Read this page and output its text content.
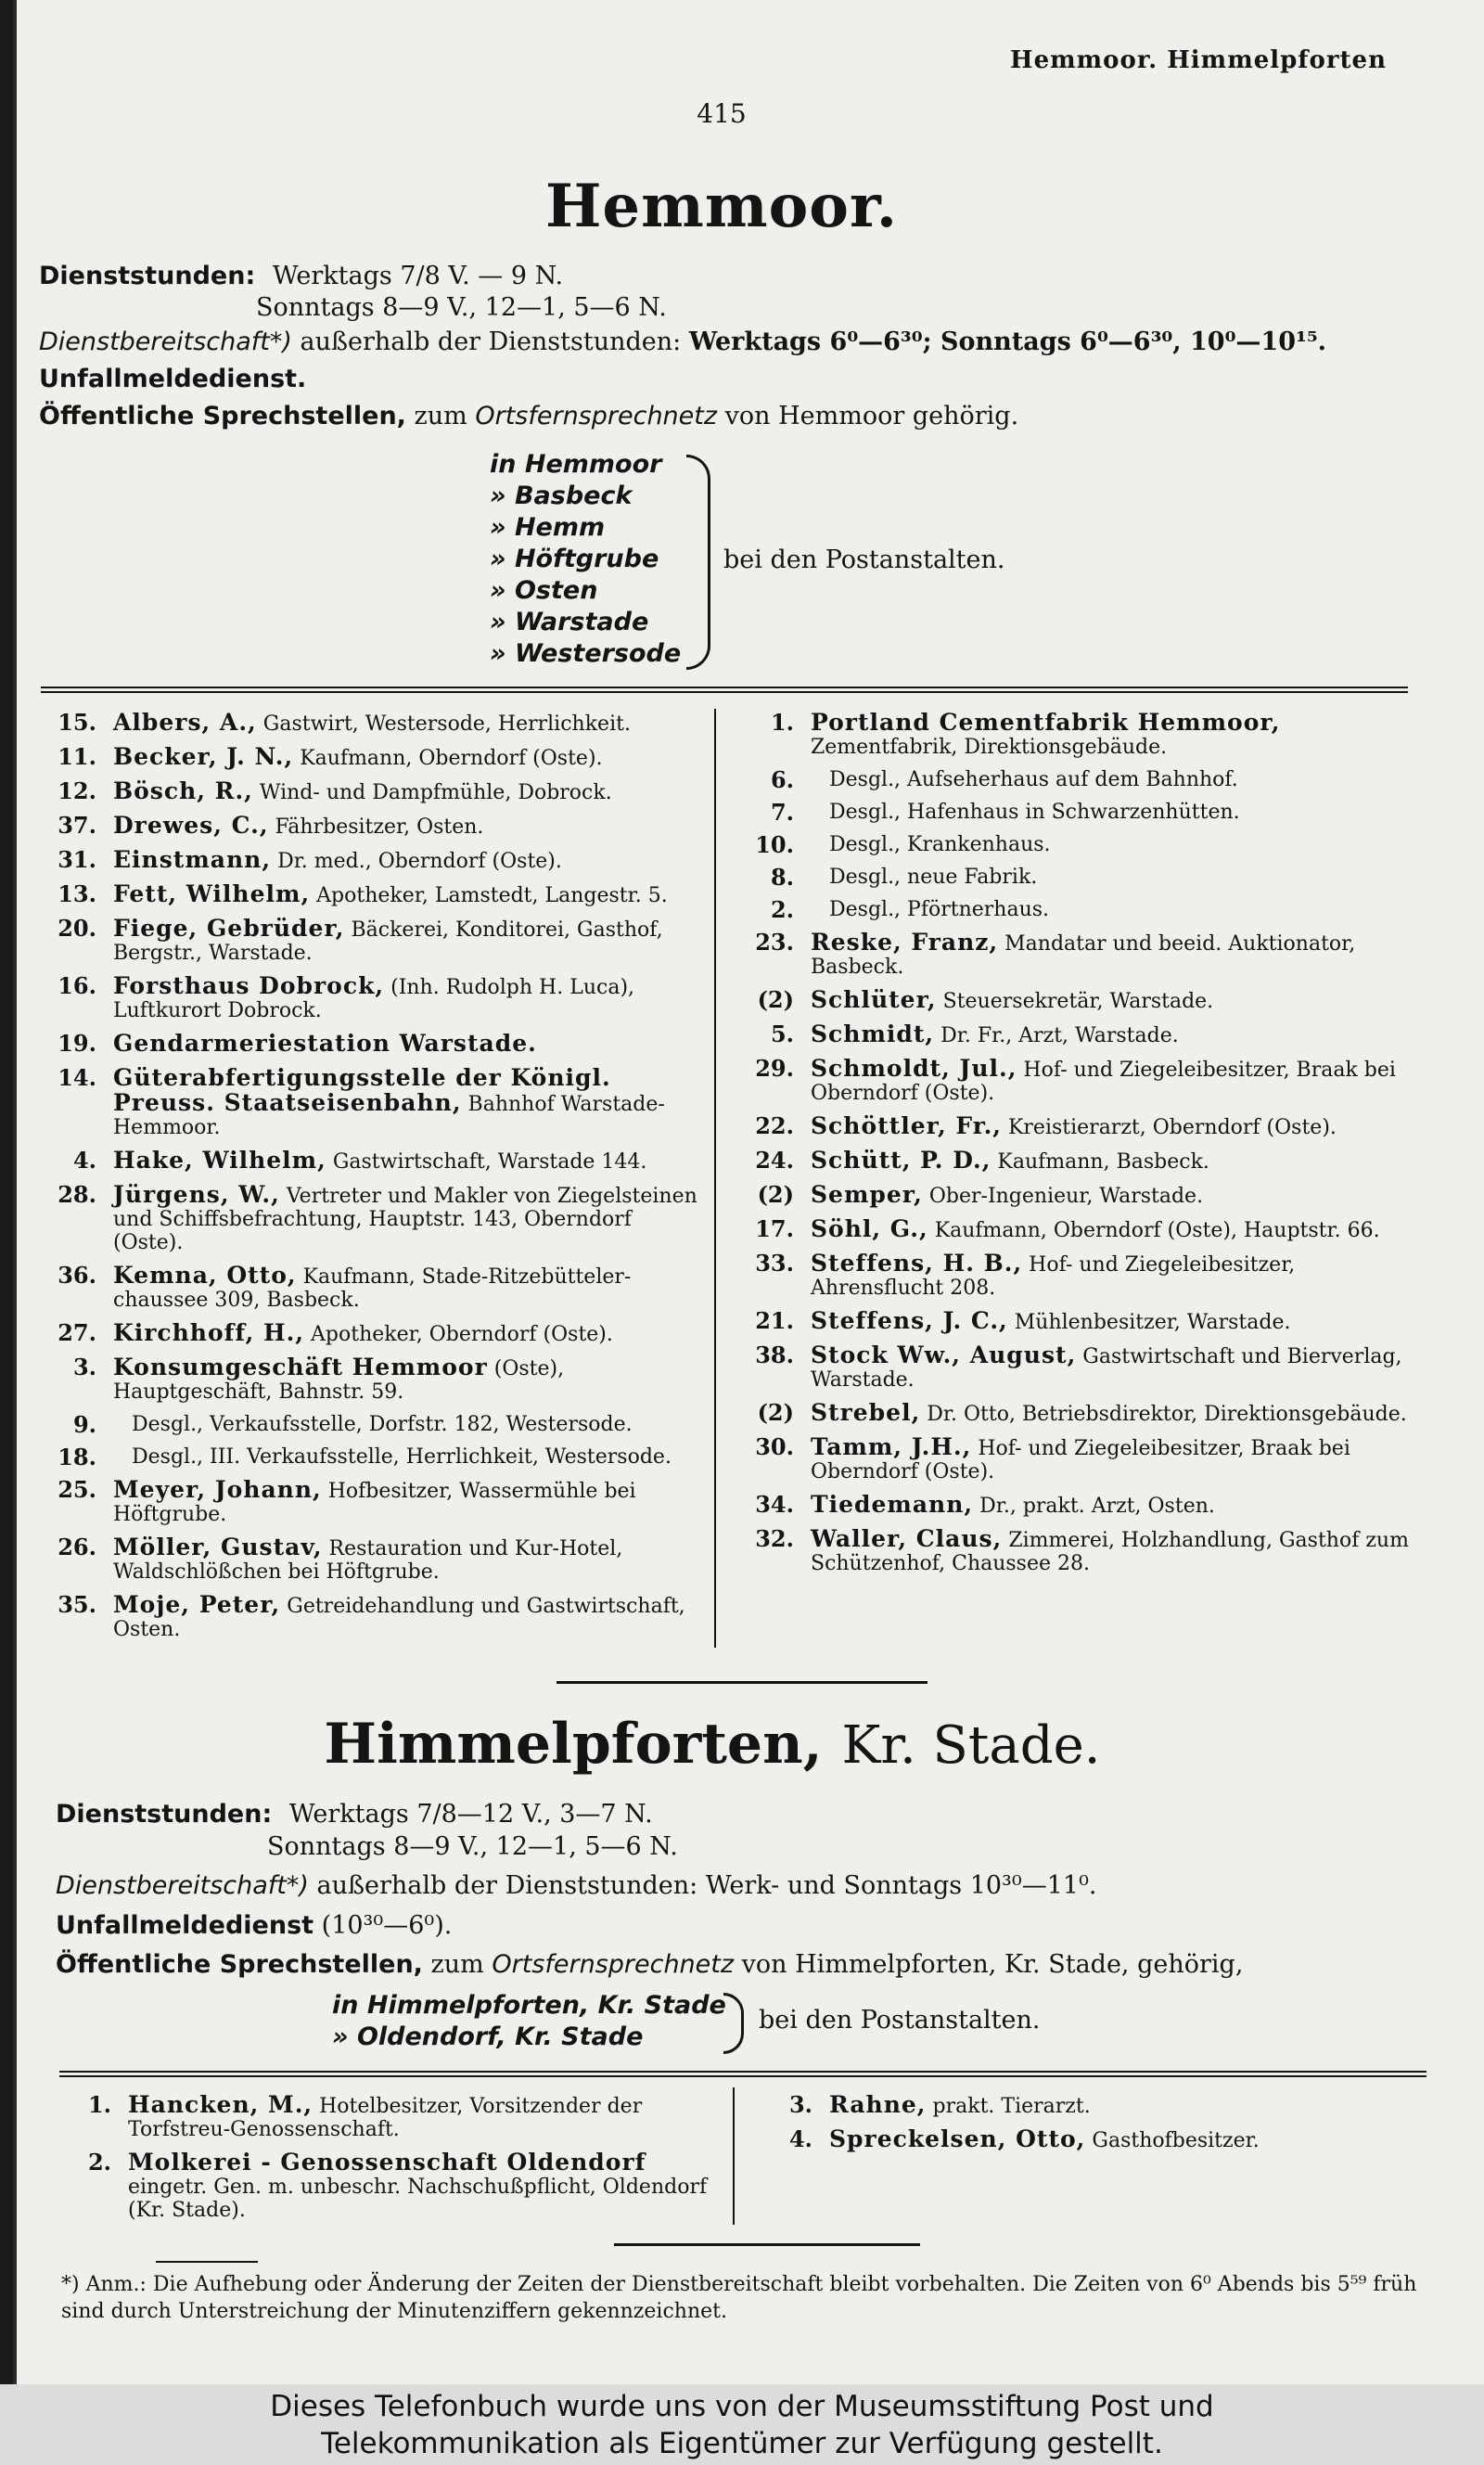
Hemmoor. Himmelpforten
415
Hemmoor.
Dienststunden: Werktags 7/8 V. — 9 N.
Sonntags 8—9 V., 12—1, 5—6 N.
Dienstbereitschaft*) außerhalb der Dienststunden: Werktags 6⁰—6³⁰; Sonntags 6⁰—6³⁰, 10⁰—10¹⁵.
Unfallmeldedienst.
Öffentliche Sprechstellen, zum Ortsfernsprechnetz von Hemmoor gehörig.
in Hemmoor
» Basbeck
» Hemm
» Höftgrube
» Osten
» Warstade
» Westersode
bei den Postanstalten.
15. Albers, A., Gastwirt, Westersode, Herrlichkeit.
11. Becker, J. N., Kaufmann, Oberndorf (Oste).
12. Bösch, R., Wind- und Dampfmühle, Dobrock.
37. Drewes, C., Fährbesitzer, Osten.
31. Einstmann, Dr. med., Oberndorf (Oste).
13. Fett, Wilhelm, Apotheker, Lamstedt, Langestr. 5.
20. Fiege, Gebrüder, Bäckerei, Konditorei, Gasthof, Bergstr., Warstade.
16. Forsthaus Dobrock, (Inh. Rudolph H. Luca), Luftkurort Dobrock.
19. Gendarmeriestation Warstade.
14. Güterabfertigungsstelle der Königl. Preuss. Staatseisenbahn, Bahnhof Warstade-Hemmoor.
4. Hake, Wilhelm, Gastwirtschaft, Warstade 144.
28. Jürgens, W., Vertreter und Makler von Ziegelsteinen und Schiffsbefrachtung, Hauptstr. 143, Oberndorf (Oste).
36. Kemna, Otto, Kaufmann, Stade-Ritzebütteler-chaussee 309, Basbeck.
27. Kirchhoff, H., Apotheker, Oberndorf (Oste).
3. Konsumgeschäft Hemmoor (Oste), Hauptgeschäft, Bahnstr. 59.
9. Desgl., Verkaufsstelle, Dorfstr. 182, Westersode.
18. Desgl., III. Verkaufsstelle, Herrlichkeit, Westersode.
25. Meyer, Johann, Hofbesitzer, Wassermühle bei Höftgrube.
26. Möller, Gustav, Restauration und Kur-Hotel, Waldschlößchen bei Höftgrube.
35. Moje, Peter, Getreidehandlung und Gastwirtschaft, Osten.
1. Portland Cementfabrik Hemmoor, Zementfabrik, Direktionsgebäude.
6. Desgl., Aufseherhaus auf dem Bahnhof.
7. Desgl., Hafenhaus in Schwarzenhütten.
10. Desgl., Krankenhaus.
8. Desgl., neue Fabrik.
2. Desgl., Pförtnerhaus.
23. Reske, Franz, Mandatar und beeid. Auktionator, Basbeck.
(2) Schlüter, Steuersekretär, Warstade.
5. Schmidt, Dr. Fr., Arzt, Warstade.
29. Schmoldt, Jul., Hof- und Ziegeleibesitzer, Braak bei Oberndorf (Oste).
22. Schöttler, Fr., Kreistierarzt, Oberndorf (Oste).
24. Schütt, P. D., Kaufmann, Basbeck.
(2) Semper, Ober-Ingenieur, Warstade.
17. Söhl, G., Kaufmann, Oberndorf (Oste), Hauptstr. 66.
33. Steffens, H. B., Hof- und Ziegeleibesitzer, Ahrensflucht 208.
21. Steffens, J. C., Mühlenbesitzer, Warstade.
38. Stock Ww., August, Gastwirtschaft und Bierverlag, Warstade.
(2) Strebel, Dr. Otto, Betriebsdirektor, Direktionsgebäude.
30. Tamm, J.H., Hof- und Ziegeleibesitzer, Braak bei Oberndorf (Oste).
34. Tiedemann, Dr., prakt. Arzt, Osten.
32. Waller, Claus, Zimmerei, Holzhandlung, Gasthof zum Schützenhof, Chaussee 28.
Himmelpforten, Kr. Stade.
Dienststunden: Werktags 7/8—12 V., 3—7 N.
Sonntags 8—9 V., 12—1, 5—6 N.
Dienstbereitschaft*) außerhalb der Dienststunden: Werk- und Sonntags 10³⁰—11⁰.
Unfallmeldedienst (10³⁰—6⁰).
Öffentliche Sprechstellen, zum Ortsfernsprechnetz von Himmelpforten, Kr. Stade, gehörig,
in Himmelpforten, Kr. Stade
» Oldendorf, Kr. Stade
bei den Postanstalten.
1. Hancken, M., Hotelbesitzer, Vorsitzender der Torfstreu-Genossenschaft.
2. Molkerei - Genossenschaft Oldendorf eingetr. Gen. m. unbeschr. Nachschußpflicht, Oldendorf (Kr. Stade).
3. Rahne, prakt. Tierarzt.
4. Spreckelsen, Otto, Gasthofbesitzer.
*) Anm.: Die Aufhebung oder Änderung der Zeiten der Dienstbereitschaft bleibt vorbehalten. Die Zeiten von 6⁰ Abends bis 5⁵⁹ früh sind durch Unterstreichung der Minutenziffern gekennzeichnet.
Dieses Telefonbuch wurde uns von der Museumsstiftung Post und
Telekommunikation als Eigentümer zur Verfügung gestellt.
